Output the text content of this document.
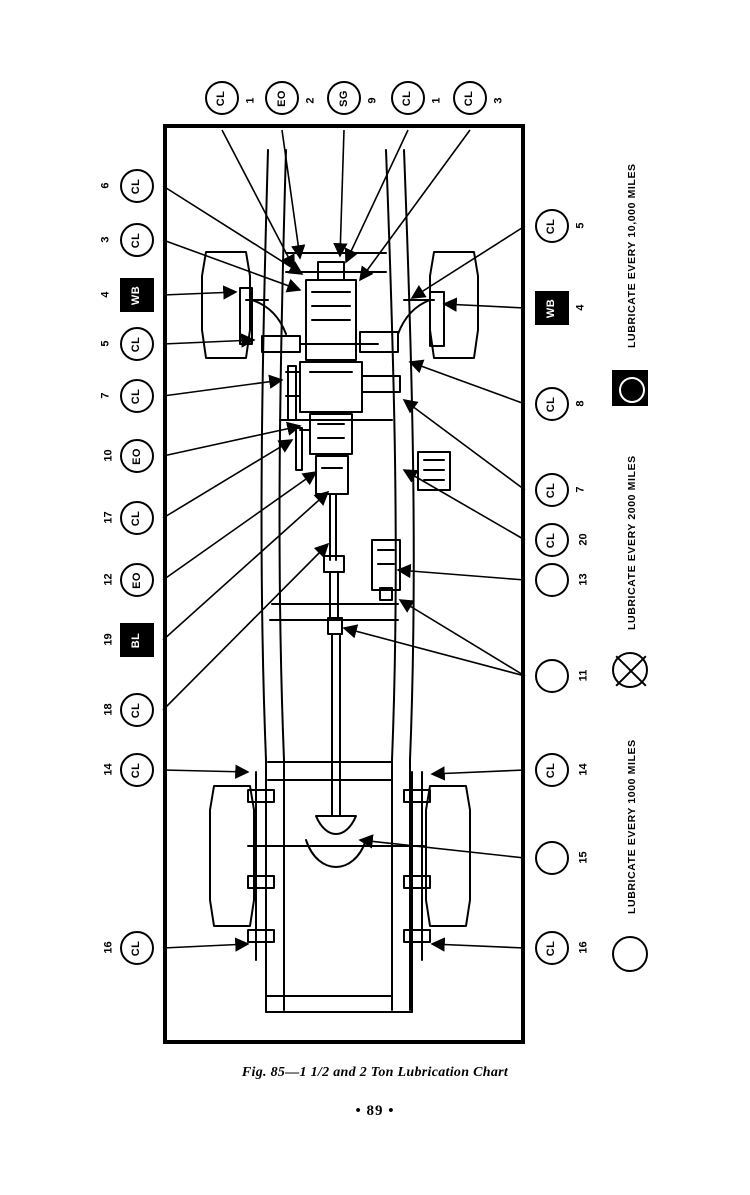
CL 1 EO 2 SG 9 CL 1 CL 3
CL
6
CL
3
WB
4
CL
5
CL
7
EO
10
CL
17
EO
12
BL
19
CL
18
CL
14
CL
16
CL 5
WB 4
CL 8
CL 7
CL 20
13
11
CL 14
15
CL 16
LUBRICATE EVERY 10,000 MILES
LUBRICATE EVERY 2000 MILES
LUBRICATE EVERY 1000 MILES
Fig. 85—1 1/2 and 2 Ton Lubrication Chart
• 89 •
